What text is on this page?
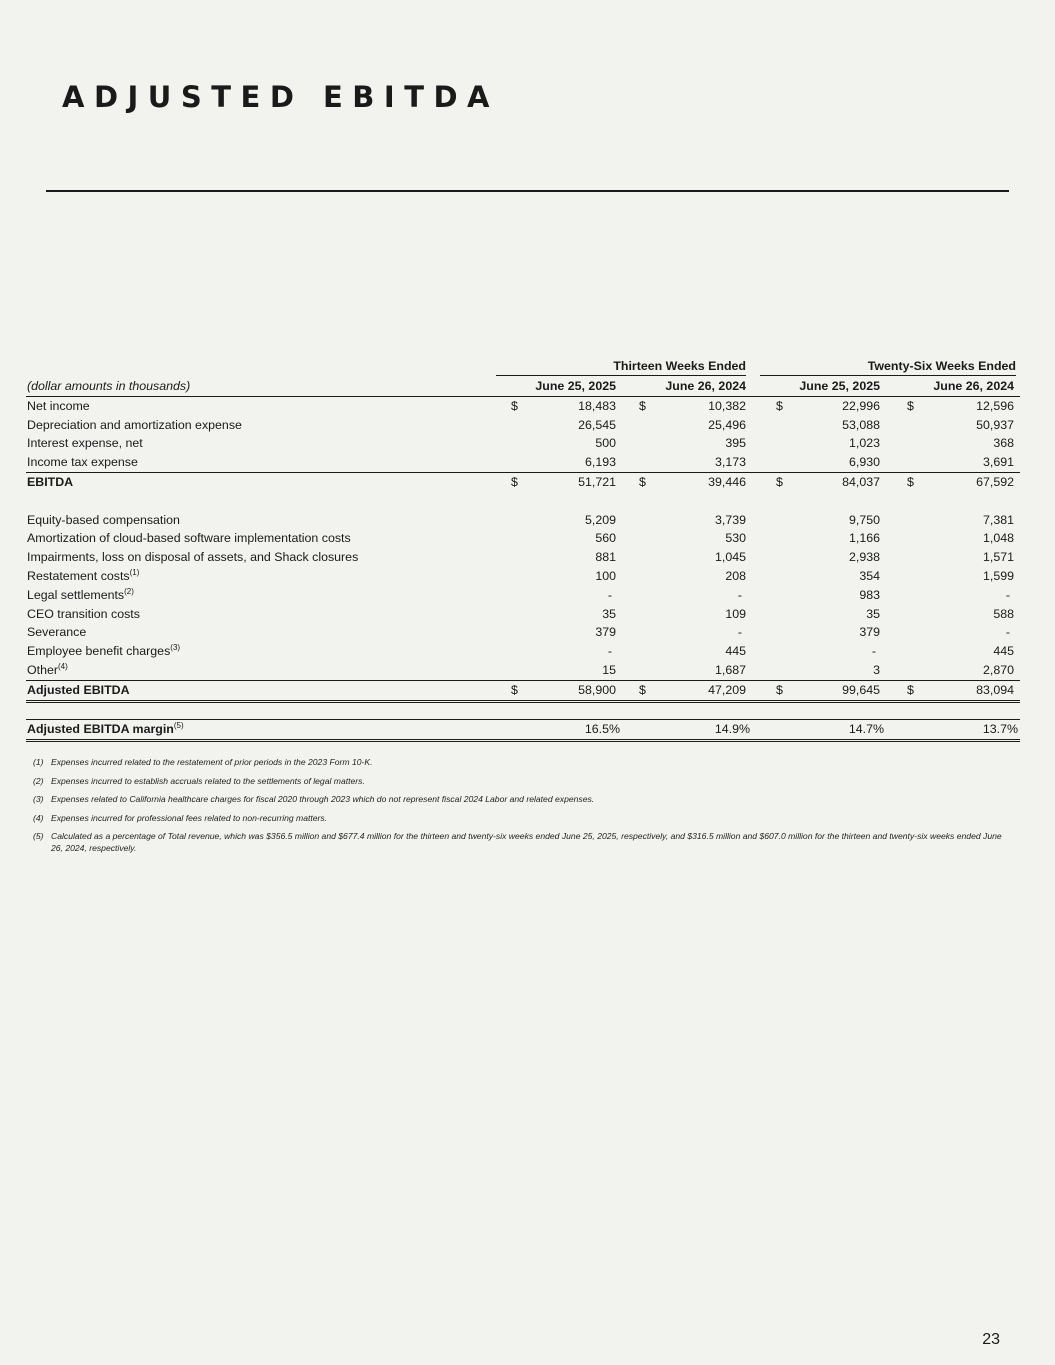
ADJUSTED EBITDA
Thirteen Weeks Ended	Twenty-Six Weeks Ended
(dollar amounts in thousands)	June 25, 2025	June 26, 2024	June 25, 2025	June 26, 2024
Net income	$	18,483 $	10,382 $	22,996 $	12,596
Depreciation and amortization expense	26,545	25,496	53,088	50,937
Interest expense, net	500	395	1,023	368
Income tax expense	6,193	3,173	6,930	3,691
EBITDA	$	51,721 $	39,446 $	84,037 $	67,592
Equity-based compensation	5,209	3,739	9,750	7,381
Amortization of cloud-based software implementation costs	560	530	1,166	1,048
Impairments, loss on disposal of assets, and Shack closures	881	1,045	2,938	1,571
Restatement costs$^{(1)}$	100	208	354	1,599
Legal settlements$^{(2)}$	-	-	983	-
CEO transition costs	35	109	35	588
Severance	379	-	379	-
Employee benefit charges$^{(3)}$	-	445	-	445
Other$^{(4)}$	15	1,687	3	2,870
Adjusted EBITDA	$	58,900 $	47,209 $	99,645 $	83,094
Adjusted EBITDA margin$^{(5)}$	16.5%	14.9%	14.7%	13.7%
(1) Expenses incurred related to the restatement of prior periods in the 2023 Form 10-K.
(2) Expenses incurred to establish accruals related to the settlements of legal matters.
(3) Expenses related to California healthcare charges for fiscal 2020 through 2023 which do not represent fiscal 2024 Labor and related expenses.
(4) Expenses incurred for professional fees related to non-recurring matters.
(5) Calculated as a percentage of Total revenue, which was $356.5 million and $677.4 million for the thirteen and twenty-six weeks ended June 25, 2025, respectively, and $316.5 million and $607.0 million for the thirteen and twenty-six weeks ended June 26, 2024, respectively.
23
